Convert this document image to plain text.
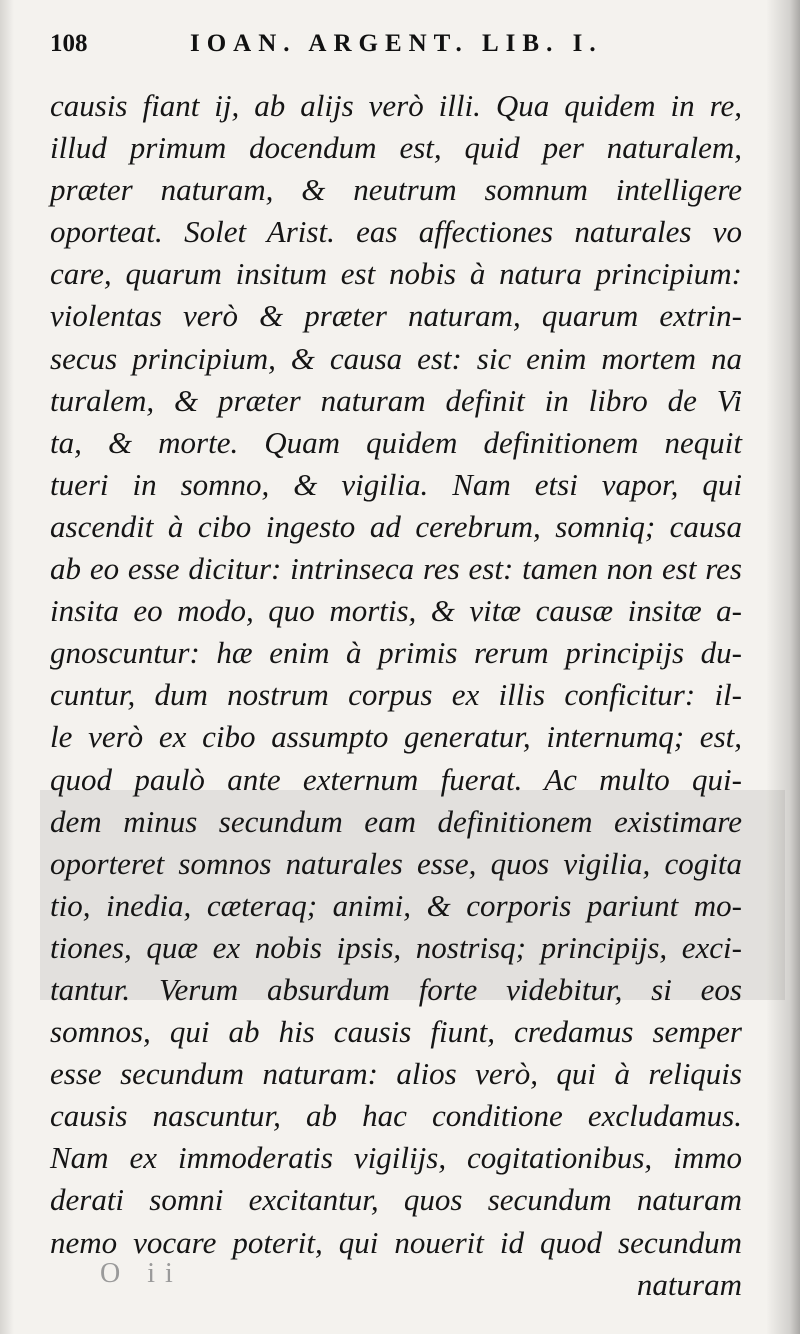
108	IOAN. ARGENT. LIB. I.
causis fiant ij, ab alijs verò illi. Qua quidem in re,
illud primum docendum est, quid per naturalem,
præter naturam, & neutrum somnum intelligere
oporteat. Solet Arist. eas affectiones naturales vo
care, quarum insitum est nobis à natura principium:
violentas verò & præter naturam, quarum extrin-
secus principium, & causa est: sic enim mortem na
turalem, & præter naturam definit in libro de Vi
ta, & morte. Quam quidem definitionem nequit
tueri in somno, & vigilia. Nam etsi vapor, qui
ascendit à cibo ingesto ad cerebrum, somniq; causa
ab eo esse dicitur: intrinseca res est: tamen non est res
insita eo modo, quo mortis, & vitæ causæ insitæ a-
gnoscuntur: hæ enim à primis rerum principijs du-
cuntur, dum nostrum corpus ex illis conficitur: il-
le verò ex cibo assumpto generatur, internumq; est,
quod paulò ante externum fuerat. Ac multo qui-
dem minus secundum eam definitionem existimare
oporteret somnos naturales esse, quos vigilia, cogita
tio, inedia, cæteraq; animi, & corporis pariunt mo-
tiones, quæ ex nobis ipsis, nostrisq; principijs, exci-
tantur. Verum absurdum forte videbitur, si eos
somnos, qui ab his causis fiunt, credamus semper
esse secundum naturam: alios verò, qui à reliquis
causis nascuntur, ab hac conditione excludamus.
Nam ex immoderatis vigilijs, cogitationibus, immo
derati somni excitantur, quos secundum naturam
nemo vocare poterit, qui nouerit id quod secundum
naturam
O ii
